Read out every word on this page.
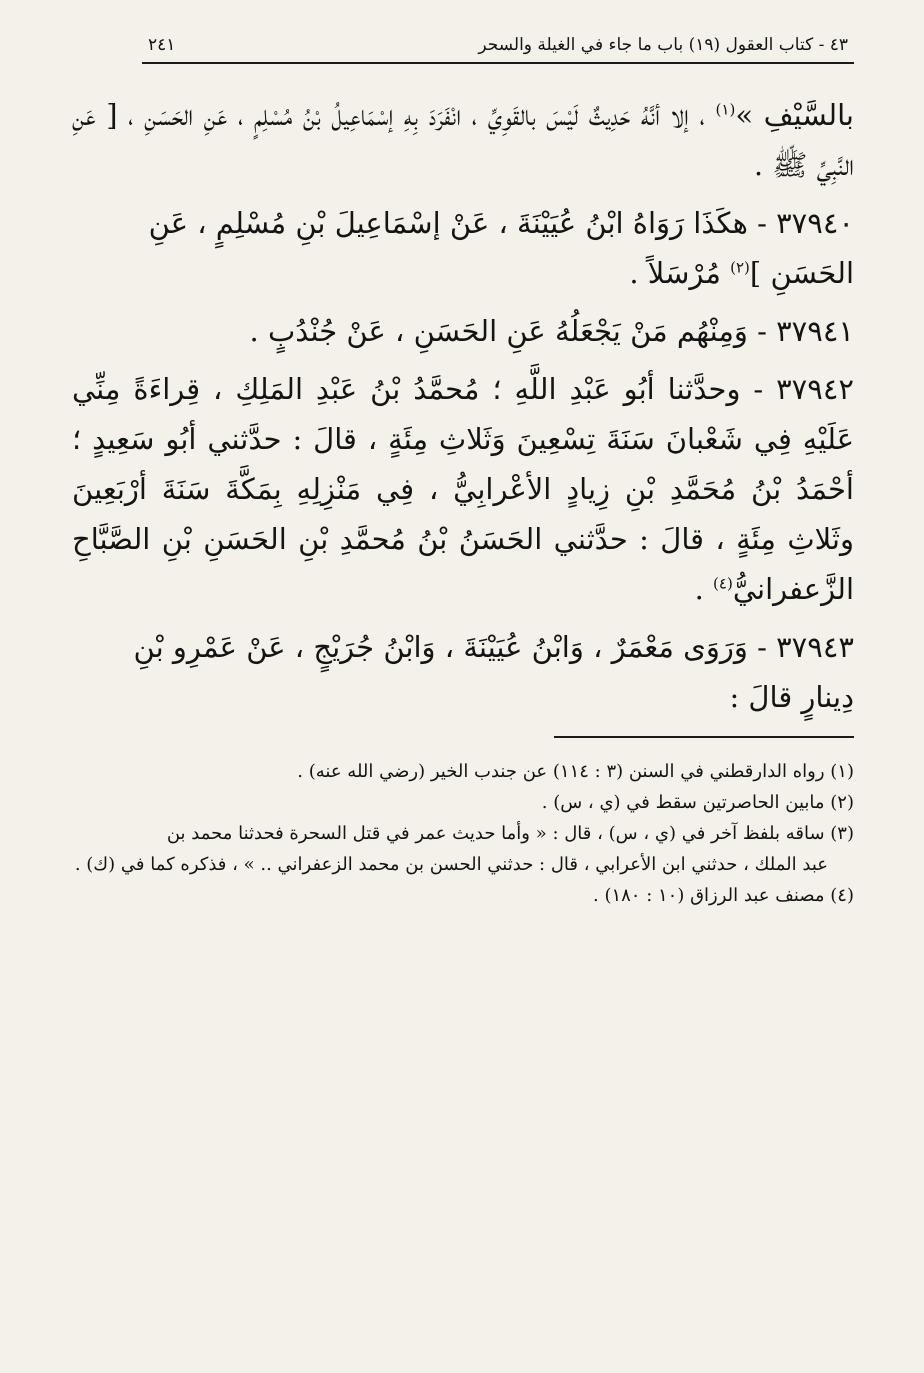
٤٣ - كتاب العقول (١٩) باب ما جاء في الغيلة والسحر
٢٤١

بالسَّيْفِ »$^{(١)}$ ، إلا أنَّهُ حَدِيثٌ لَيْسَ بالقَوِيِّ ، انْفَرَدَ بِهِ إسْمَاعِيلُ بْنُ مُسْلِمٍ ، عَنِ الحَسَنِ ، [ عَنِ النَّبِيِّ ﷺ .

٣٧٩٤٠ - هكَذَا رَوَاهُ ابْنُ عُيَيْنَةَ ، عَنْ إسْمَاعِيلَ بْنِ مُسْلِمٍ ، عَنِ الحَسَنِ ]$^{(٢)}$ مُرْسَلاً .

٣٧٩٤١ - وَمِنْهُم مَنْ يَجْعَلُهُ عَنِ الحَسَنِ ، عَنْ جُنْدُبٍ .

٣٧٩٤٢ - وحدَّثنا أبُو عَبْدِ اللَّهِ ؛ مُحمَّدُ بْنُ عَبْدِ المَلِكِ ، قِراءَةً مِنِّي عَلَيْهِ فِي شَعْبانَ سَنَةَ تِسْعِينَ وَثَلاثِ مِئَةٍ ، قالَ : حدَّثني أبُو سَعِيدٍ ؛ أحْمَدُ بْنُ مُحَمَّدِ بْنِ زِيادٍ الأعْرابِيُّ ، فِي مَنْزِلِهِ بِمَكَّةَ سَنَةَ أرْبَعِينَ وثَلاثِ مِئَةٍ ، قالَ : حدَّثني الحَسَنُ بْنُ مُحمَّدِ بْنِ الحَسَنِ بْنِ الصَّبَّاحِ الزَّعفرانيُّ$^{(٤)}$ .

٣٧٩٤٣ - وَرَوَى مَعْمَرٌ ، وَابْنُ عُيَيْنَةَ ، وَابْنُ جُرَيْجٍ ، عَنْ عَمْرِو بْنِ دِينارٍ قالَ :

(١) رواه الدارقطني في السنن (٣ : ١١٤) عن جندب الخير (رضي الله عنه) .

(٢) مابين الحاصرتين سقط في (ي ، س) .

(٣) ساقه بلفظ آخر في (ي ، س) ، قال : « وأما حديث عمر في قتل السحرة فحدثنا محمد بن

عبد الملك ، حدثني ابن الأعرابي ، قال : حدثني الحسن بن محمد الزعفراني .. » ، فذكره كما في (ك) .

(٤) مصنف عبد الرزاق (١٠ : ١٨٠) .
